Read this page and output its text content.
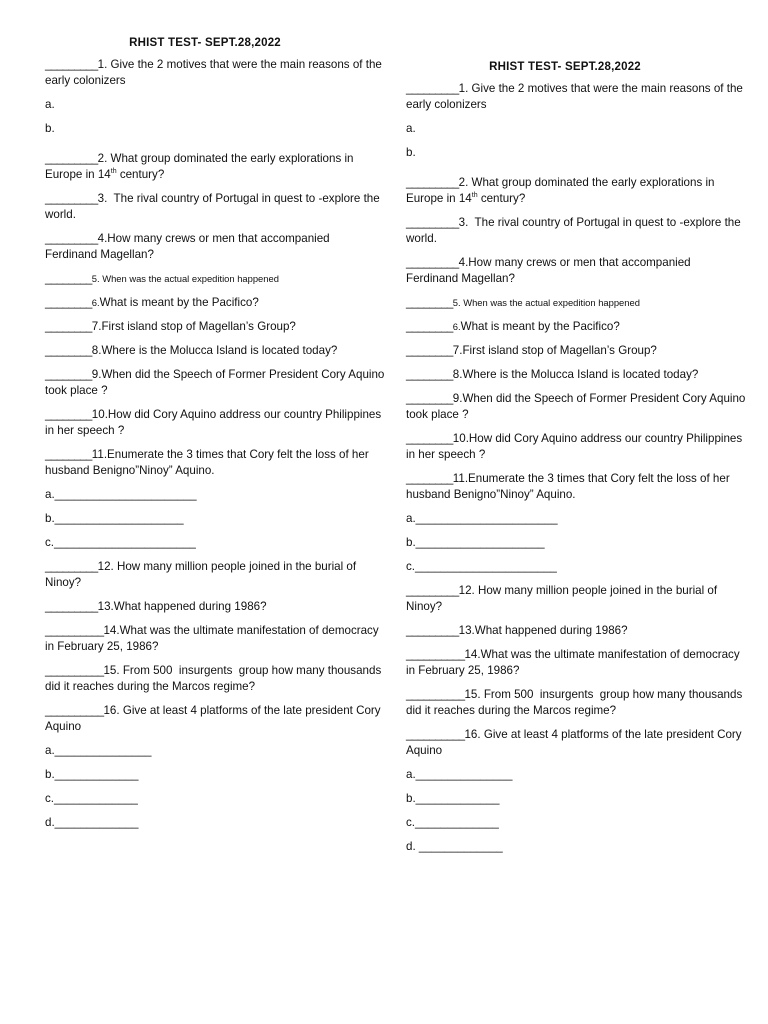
RHIST TEST- SEPT.28,2022
_________1. Give the 2 motives that were the main reasons of the early colonizers
a.
b.
_________2. What group dominated the early explorations in Europe in 14th century?
_________3.  The rival country of Portugal in quest to -explore the world.
_________4.How many crews or men that accompanied Ferdinand Magellan?
________5. When was the actual expedition happened
________6.What is meant by the Pacifico?
________7.First island stop of Magellan’s Group?
________8.Where is the Molucca Island is located today?
________9.When did the Speech of Former President Cory Aquino took place ?
________10.How did Cory Aquino address our country Philippines in her speech ?
________11.Enumerate the 3 times that Cory felt the loss of her husband Benigno”Ninoy” Aquino.
a.______________________
b.____________________
c.______________________
_________12. How many million people joined in the burial of Ninoy?
_________13.What happened during 1986?
__________14.What was the ultimate manifestation of democracy in February 25, 1986?
__________15. From 500  insurgents  group how many thousands did it reaches during the Marcos regime?
__________16. Give at least 4 platforms of the late president Cory Aquino
a._______________
b._____________
c._____________
d._____________
RHIST TEST- SEPT.28,2022
_________1. Give the 2 motives that were the main reasons of the early colonizers
a.
b.
_________2. What group dominated the early explorations in Europe in 14th century?
_________3.  The rival country of Portugal in quest to -explore the world.
_________4.How many crews or men that accompanied Ferdinand Magellan?
________5. When was the actual expedition happened
________6.What is meant by the Pacifico?
________7.First island stop of Magellan’s Group?
________8.Where is the Molucca Island is located today?
________9.When did the Speech of Former President Cory Aquino took place ?
________10.How did Cory Aquino address our country Philippines in her speech ?
________11.Enumerate the 3 times that Cory felt the loss of her husband Benigno”Ninoy” Aquino.
a.______________________
b.____________________
c.______________________
_________12. How many million people joined in the burial of Ninoy?
_________13.What happened during 1986?
__________14.What was the ultimate manifestation of democracy in February 25, 1986?
__________15. From 500  insurgents  group how many thousands did it reaches during the Marcos regime?
__________16. Give at least 4 platforms of the late president Cory Aquino
a._______________
b._____________
c._____________
d. _____________
